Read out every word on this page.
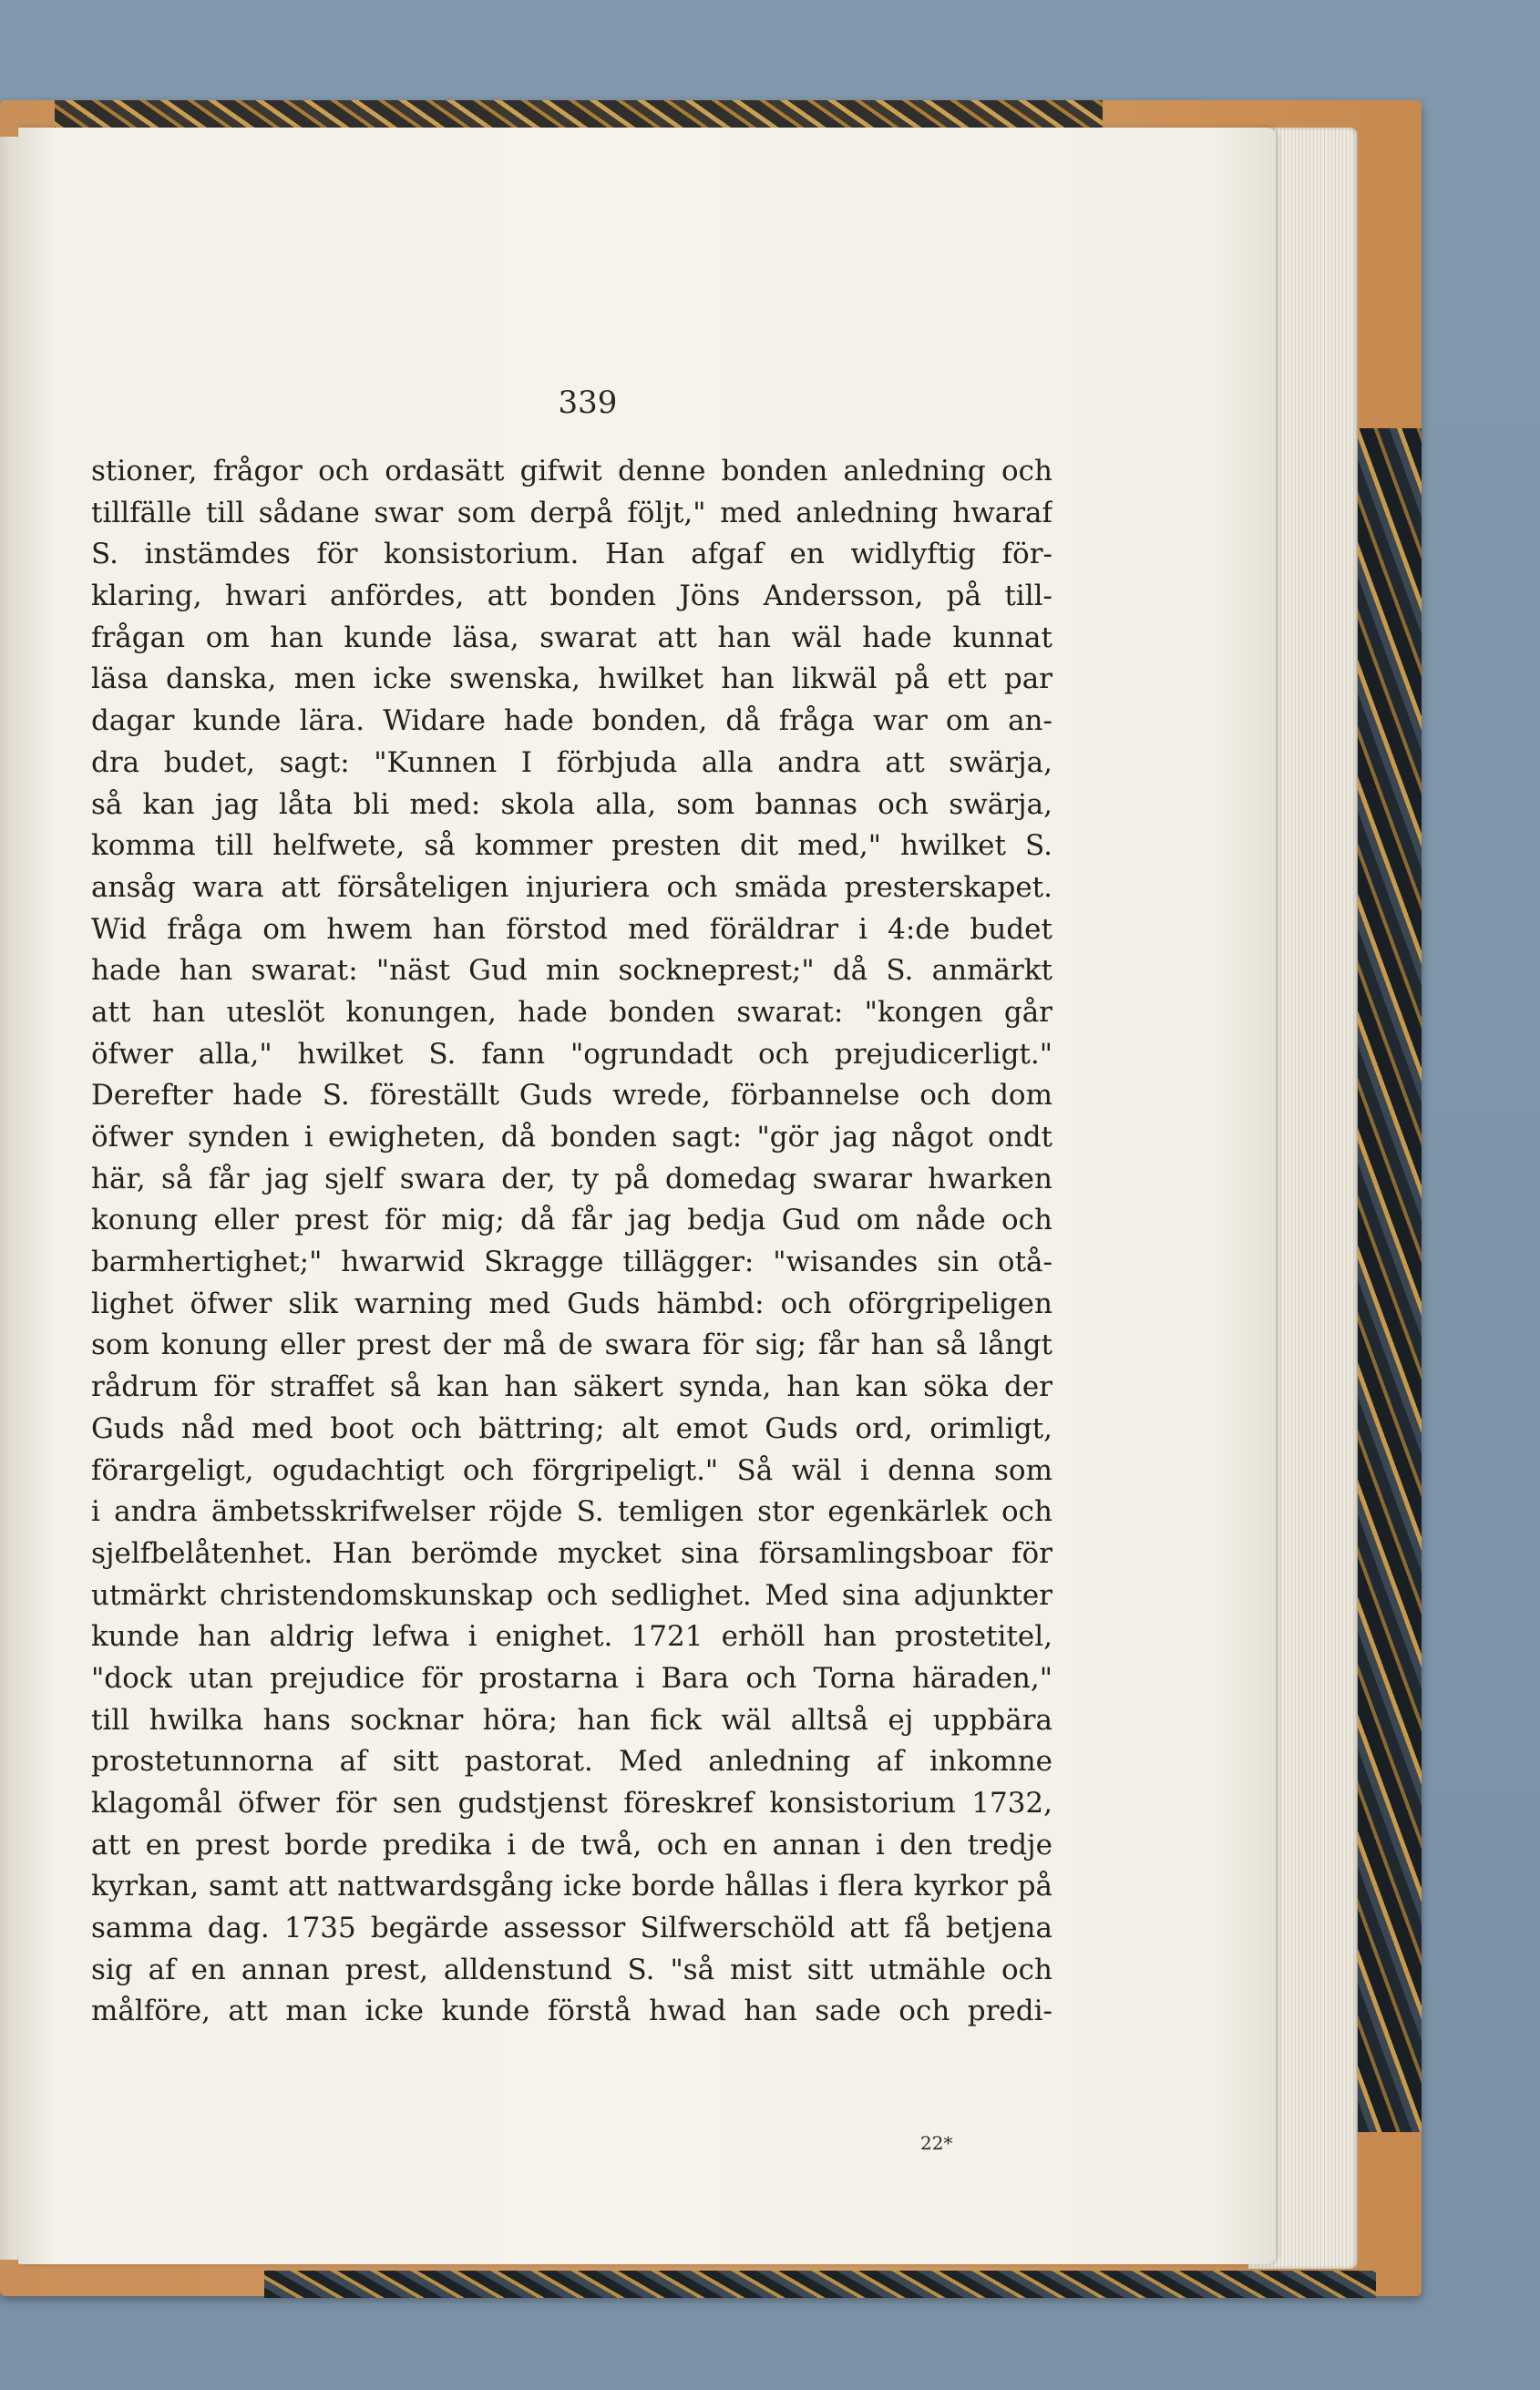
339
stioner, frågor och ordasätt gifwit denne bonden anledning och
tillfälle till sådane swar som derpå följt," med anledning hwaraf
S. instämdes för konsistorium. Han afgaf en widlyftig för-
klaring, hwari anfördes, att bonden Jöns Andersson, på till-
frågan om han kunde läsa, swarat att han wäl hade kunnat
läsa danska, men icke swenska, hwilket han likwäl på ett par
dagar kunde lära. Widare hade bonden, då fråga war om an-
dra budet, sagt: "Kunnen I förbjuda alla andra att swärja,
så kan jag låta bli med: skola alla, som bannas och swärja,
komma till helfwete, så kommer presten dit med," hwilket S.
ansåg wara att försåteligen injuriera och smäda presterskapet.
Wid fråga om hwem han förstod med föräldrar i 4:de budet
hade han swarat: "näst Gud min sockneprest;" då S. anmärkt
att han uteslöt konungen, hade bonden swarat: "kongen går
öfwer alla," hwilket S. fann "ogrundadt och prejudicerligt."
Derefter hade S. föreställt Guds wrede, förbannelse och dom
öfwer synden i ewigheten, då bonden sagt: "gör jag något ondt
här, så får jag sjelf swara der, ty på domedag swarar hwarken
konung eller prest för mig; då får jag bedja Gud om nåde och
barmhertighet;" hwarwid Skragge tillägger: "wisandes sin otå-
lighet öfwer slik warning med Guds hämbd: och oförgripeligen
som konung eller prest der må de swara för sig; får han så långt
rådrum för straffet så kan han säkert synda, han kan söka der
Guds nåd med boot och bättring; alt emot Guds ord, orimligt,
förargeligt, ogudachtigt och förgripeligt." Så wäl i denna som
i andra ämbetsskrifwelser röjde S. temligen stor egenkärlek och
sjelfbelåtenhet. Han berömde mycket sina församlingsboar för
utmärkt christendomskunskap och sedlighet. Med sina adjunkter
kunde han aldrig lefwa i enighet. 1721 erhöll han prostetitel,
"dock utan prejudice för prostarna i Bara och Torna häraden,"
till hwilka hans socknar höra; han fick wäl alltså ej uppbära
prostetunnorna af sitt pastorat. Med anledning af inkomne
klagomål öfwer för sen gudstjenst föreskref konsistorium 1732,
att en prest borde predika i de twå, och en annan i den tredje
kyrkan, samt att nattwardsgång icke borde hållas i flera kyrkor på
samma dag. 1735 begärde assessor Silfwerschöld att få betjena
sig af en annan prest, alldenstund S. "så mist sitt utmähle och
målföre, att man icke kunde förstå hwad han sade och predi-
22*
